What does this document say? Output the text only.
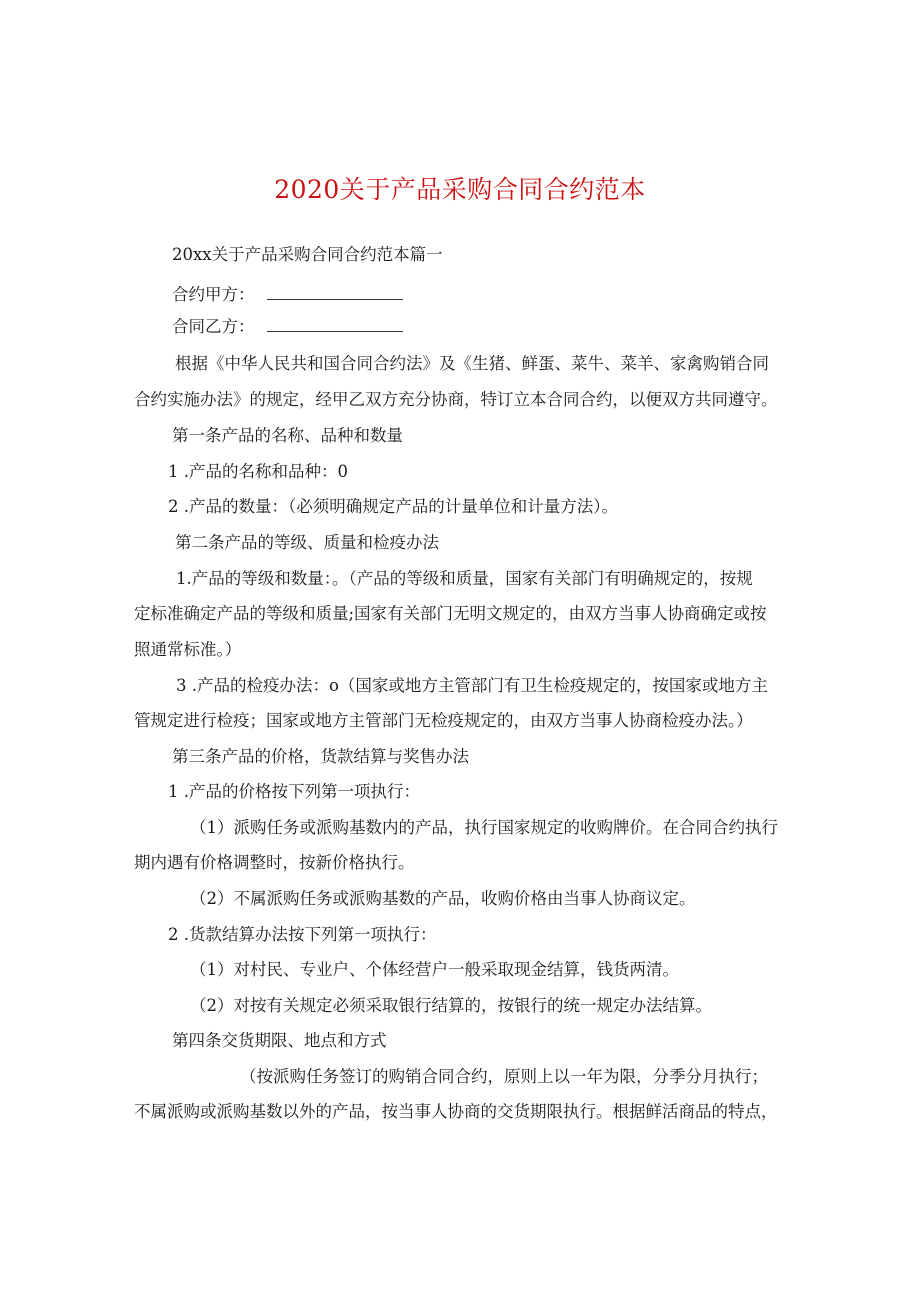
2020关于产品采购合同合约范本
20xx关于产品采购合同合约范本篇一
合约甲方：
合同乙方：
根据《中华人民共和国合同合约法》及《生猪、鲜蛋、菜牛、菜羊、家禽购销合同
合约实施办法》的规定，经甲乙双方充分协商，特订立本合同合约，以便双方共同遵守。
第一条产品的名称、品种和数量
1 .产品的名称和品种：0
2 .产品的数量：（必须明确规定产品的计量单位和计量方法）。
第二条产品的等级、质量和检疫办法
1.产品的等级和数量：。（产品的等级和质量，国家有关部门有明确规定的，按规
定标准确定产品的等级和质量;国家有关部门无明文规定的，由双方当事人协商确定或按
照通常标准。）
3 .产品的检疫办法：o（国家或地方主管部门有卫生检疫规定的，按国家或地方主
管规定进行检疫；国家或地方主管部门无检疫规定的，由双方当事人协商检疫办法。）
第三条产品的价格，货款结算与奖售办法
1 .产品的价格按下列第一项执行：
（1）派购任务或派购基数内的产品，执行国家规定的收购牌价。在合同合约执行
期内遇有价格调整时，按新价格执行。
（2）不属派购任务或派购基数的产品，收购价格由当事人协商议定。
2 .货款结算办法按下列第一项执行：
（1）对村民、专业户、个体经营户一般采取现金结算，钱货两清。
（2）对按有关规定必须采取银行结算的，按银行的统一规定办法结算。
第四条交货期限、地点和方式
（按派购任务签订的购销合同合约，原则上以一年为限，分季分月执行；
不属派购或派购基数以外的产品，按当事人协商的交货期限执行。根据鲜活商品的特点，
